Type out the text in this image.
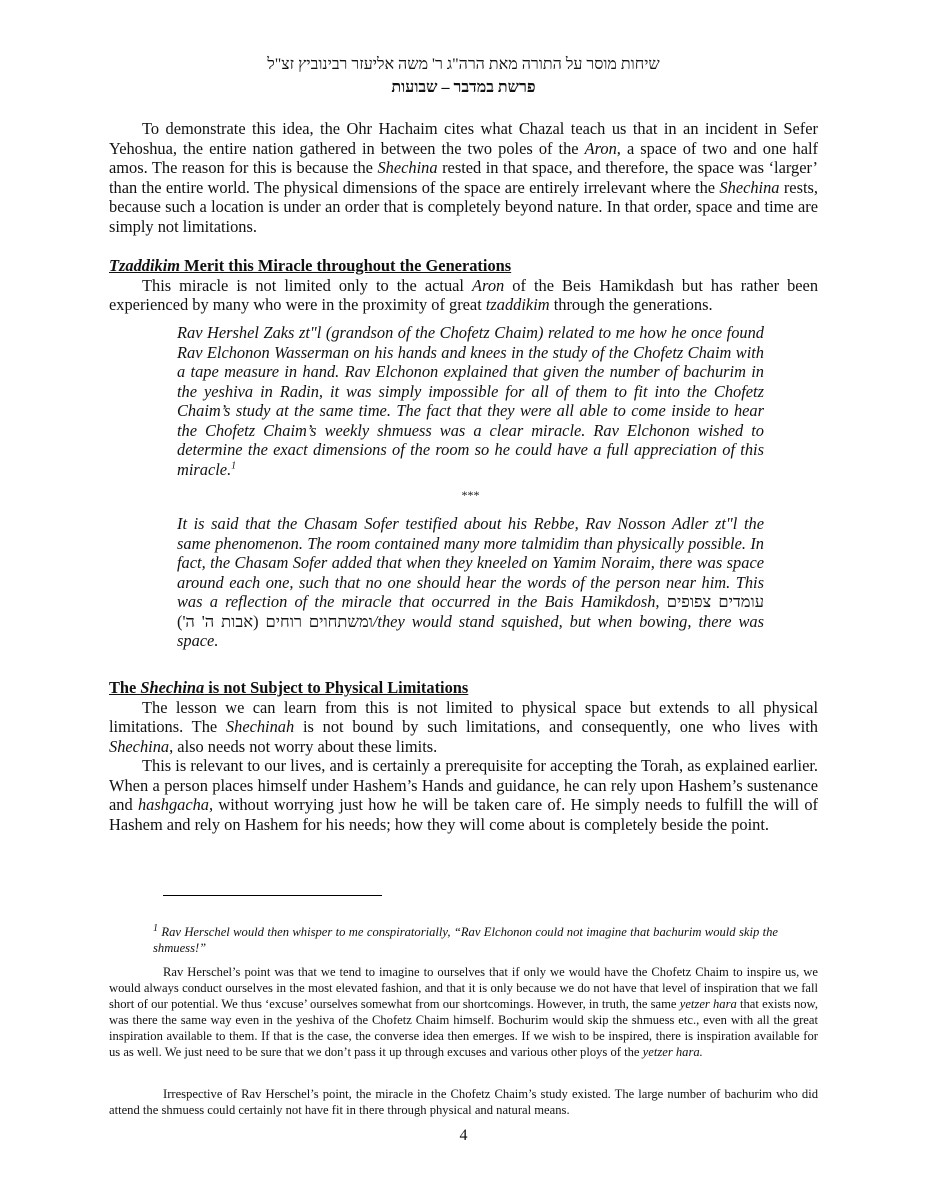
שיחות מוסר על התורה מאת הרה"ג ר' משה אליעזר רבינוביץ זצ"ל
פרשת במדבר – שבועות

To demonstrate this idea, the Ohr Hachaim cites what Chazal teach us that in an incident in Sefer Yehoshua, the entire nation gathered in between the two poles of the Aron, a space of two and one half amos. The reason for this is because the Shechina rested in that space, and therefore, the space was ‘larger’ than the entire world. The physical dimensions of the space are entirely irrelevant where the Shechina rests, because such a location is under an order that is completely beyond nature. In that order, space and time are simply not limitations.

Tzaddikim Merit this Miracle throughout the Generations

This miracle is not limited only to the actual Aron of the Beis Hamikdash but has rather been experienced by many who were in the proximity of great tzaddikim through the generations.

Rav Hershel Zaks zt"l (grandson of the Chofetz Chaim) related to me how he once found Rav Elchonon Wasserman on his hands and knees in the study of the Chofetz Chaim with a tape measure in hand. Rav Elchonon explained that given the number of bachurim in the yeshiva in Radin, it was simply impossible for all of them to fit into the Chofetz Chaim’s study at the same time. The fact that they were all able to come inside to hear the Chofetz Chaim’s weekly shmuess was a clear miracle. Rav Elchonon wished to determine the exact dimensions of the room so he could have a full appreciation of this miracle.$^1$

***

It is said that the Chasam Sofer testified about his Rebbe, Rav Nosson Adler zt"l the same phenomenon. The room contained many more talmidim than physically possible. In fact, the Chasam Sofer added that when they kneeled on Yamim Noraim, there was space around each one, such that no one should hear the words of the person near him. This was a reflection of the miracle that occurred in the Bais Hamikdosh, עומדים צפופים ומשתחוים רוחים (אבות ה' ה')/they would stand squished, but when bowing, there was space.

The Shechina is not Subject to Physical Limitations

The lesson we can learn from this is not limited to physical space but extends to all physical limitations. The Shechinah is not bound by such limitations, and consequently, one who lives with Shechina, also needs not worry about these limits.

This is relevant to our lives, and is certainly a prerequisite for accepting the Torah, as explained earlier. When a person places himself under Hashem’s Hands and guidance, he can rely upon Hashem’s sustenance and hashgacha, without worrying just how he will be taken care of. He simply needs to fulfill the will of Hashem and rely on Hashem for his needs; how they will come about is completely beside the point.

$^1$ Rav Herschel would then whisper to me conspiratorially, “Rav Elchonon could not imagine that bachurim would skip the shmuess!”

Rav Herschel’s point was that we tend to imagine to ourselves that if only we would have the Chofetz Chaim to inspire us, we would always conduct ourselves in the most elevated fashion, and that it is only because we do not have that level of inspiration that we fall short of our potential. We thus ‘excuse’ ourselves somewhat from our shortcomings. However, in truth, the same yetzer hara that exists now, was there the same way even in the yeshiva of the Chofetz Chaim himself. Bochurim would skip the shmuess etc., even with all the great inspiration available to them. If that is the case, the converse idea then emerges. If we wish to be inspired, there is inspiration available for us as well. We just need to be sure that we don’t pass it up through excuses and various other ploys of the yetzer hara.

Irrespective of Rav Herschel’s point, the miracle in the Chofetz Chaim’s study existed. The large number of bachurim who did attend the shmuess could certainly not have fit in there through physical and natural means.

4
